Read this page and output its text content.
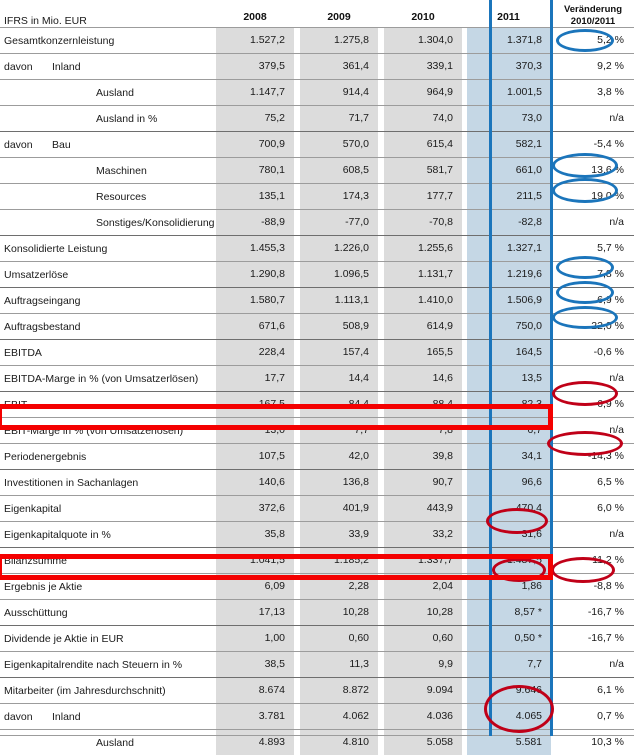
IFRS in Mio. EUR	2008	2009	2010	2011	Veränderung
2010/2011

Gesamtkonzernleistung	1.527,2	1.275,8	1.304,0	1.371,8	5,2 %

davon Inland	379,5	361,4	339,1	370,3	9,2 %

Ausland	1.147,7	914,4	964,9	1.001,5	3,8 %

Ausland in %	75,2	71,7	74,0	73,0	n/a

davon Bau	700,9	570,0	615,4	582,1	-5,4 %

Maschinen	780,1	608,5	581,7	661,0	13,6 %

Resources	135,1	174,3	177,7	211,5	19,0 %

Sonstiges/Konsolidierung	-88,9	-77,0	-70,8	-82,8	n/a

Konsolidierte Leistung	1.455,3	1.226,0	1.255,6	1.327,1	5,7 %

Umsatzerlöse	1.290,8	1.096,5	1.131,7	1.219,6	7,8 %

Auftragseingang	1.580,7	1.113,1	1.410,0	1.506,9	6,9 %

Auftragsbestand	671,6	508,9	614,9	750,0	22,0 %

EBITDA	228,4	157,4	165,5	164,5	-0,6 %

EBITDA-Marge in % (von Umsatzerlösen)	17,7	14,4	14,6	13,5	n/a

EBIT	167,5	84,4	88,4	82,3	-6,9 %

EBIT-Marge in % (von Umsatzerlösen)	13,0	7,7	7,8	6,7	n/a

Periodenergebnis	107,5	42,0	39,8	34,1	-14,3 %

Investitionen in Sachanlagen	140,6	136,8	90,7	96,6	6,5 %

Eigenkapital	372,6	401,9	443,9	470,4	6,0 %

Eigenkapitalquote in %	35,8	33,9	33,2	31,6	n/a

Bilanzsumme	1.041,5	1.185,2	1.337,7	1.487,5	11,2 %

Ergebnis je Aktie	6,09	2,28	2,04	1,86	-8,8 %

Ausschüttung	17,13	10,28	10,28	8,57 *	-16,7 %

Dividende je Aktie in EUR	1,00	0,60	0,60	0,50 *	-16,7 %

Eigenkapitalrendite nach Steuern in %	38,5	11,3	9,9	7,7	n/a

Mitarbeiter (im Jahresdurchschnitt)	8.674	8.872	9.094	9.646	6,1 %

davon Inland	3.781	4.062	4.036	4.065	0,7 %

Ausland	4.893	4.810	5.058	5.581	10,3 %
